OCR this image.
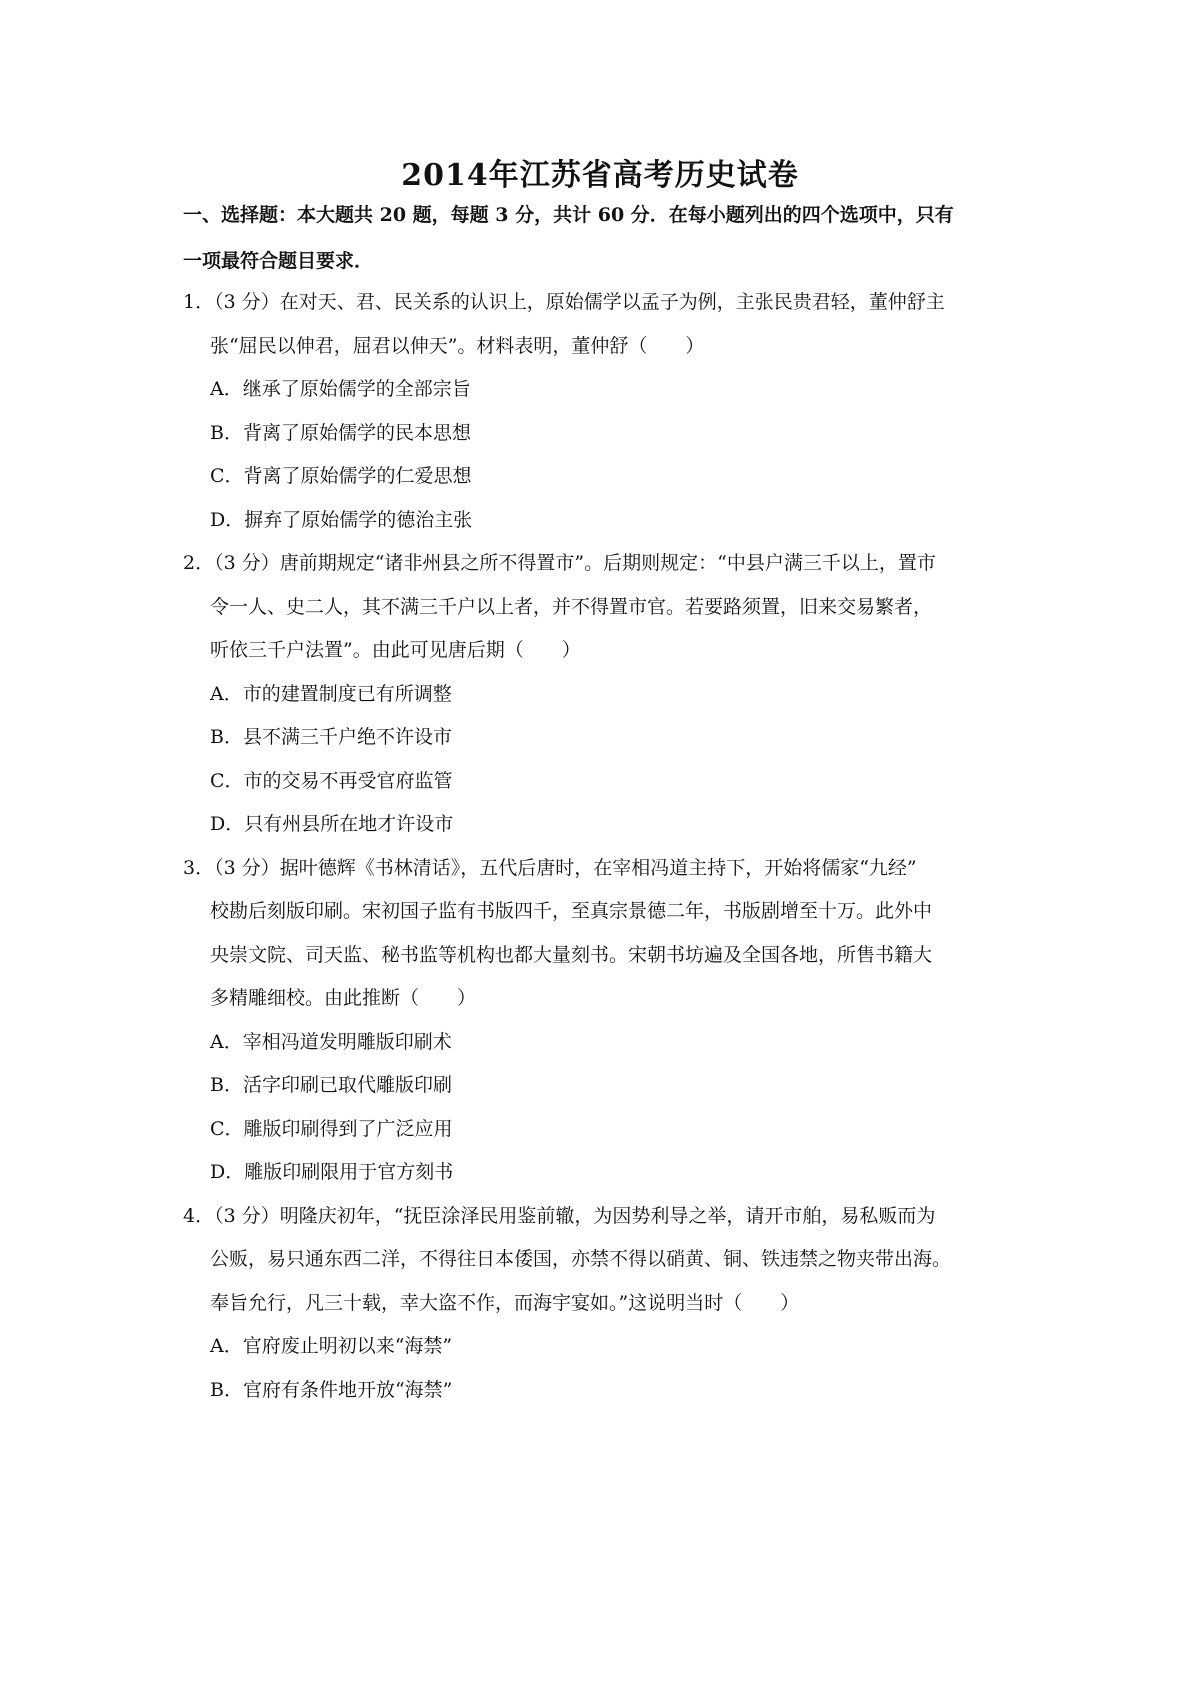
2014年江苏省高考历史试卷
一、选择题：本大题共 20 题，每题 3 分，共计 60 分．在每小题列出的四个选项中，只有
一项最符合题目要求．
1．（3 分）在对天、君、民关系的认识上，原始儒学以孟子为例，主张民贵君轻，董仲舒主
张“屈民以伸君，屈君以伸天”。材料表明，董仲舒（　　）
A．继承了原始儒学的全部宗旨
B．背离了原始儒学的民本思想
C．背离了原始儒学的仁爱思想
D．摒弃了原始儒学的德治主张
2．（3 分）唐前期规定“诸非州县之所不得置市”。后期则规定：“中县户满三千以上，置市
令一人、史二人，其不满三千户以上者，并不得置市官。若要路须置，旧来交易繁者，
听依三千户法置”。由此可见唐后期（　　）
A．市的建置制度已有所调整
B．县不满三千户绝不许设市
C．市的交易不再受官府监管
D．只有州县所在地才许设市
3．（3 分）据叶德辉《书林清话》，五代后唐时，在宰相冯道主持下，开始将儒家“九经”
校勘后刻版印刷。宋初国子监有书版四千，至真宗景德二年，书版剧增至十万。此外中
央崇文院、司天监、秘书监等机构也都大量刻书。宋朝书坊遍及全国各地，所售书籍大
多精雕细校。由此推断（　　）
A．宰相冯道发明雕版印刷术
B．活字印刷已取代雕版印刷
C．雕版印刷得到了广泛应用
D．雕版印刷限用于官方刻书
4．（3 分）明隆庆初年，“抚臣涂泽民用鉴前辙，为因势利导之举，请开市舶，易私贩而为
公贩，易只通东西二洋，不得往日本倭国，亦禁不得以硝黄、铜、铁违禁之物夹带出海。
奉旨允行，凡三十载，幸大盗不作，而海宇宴如。”这说明当时（　　）
A．官府废止明初以来“海禁”
B．官府有条件地开放“海禁”
